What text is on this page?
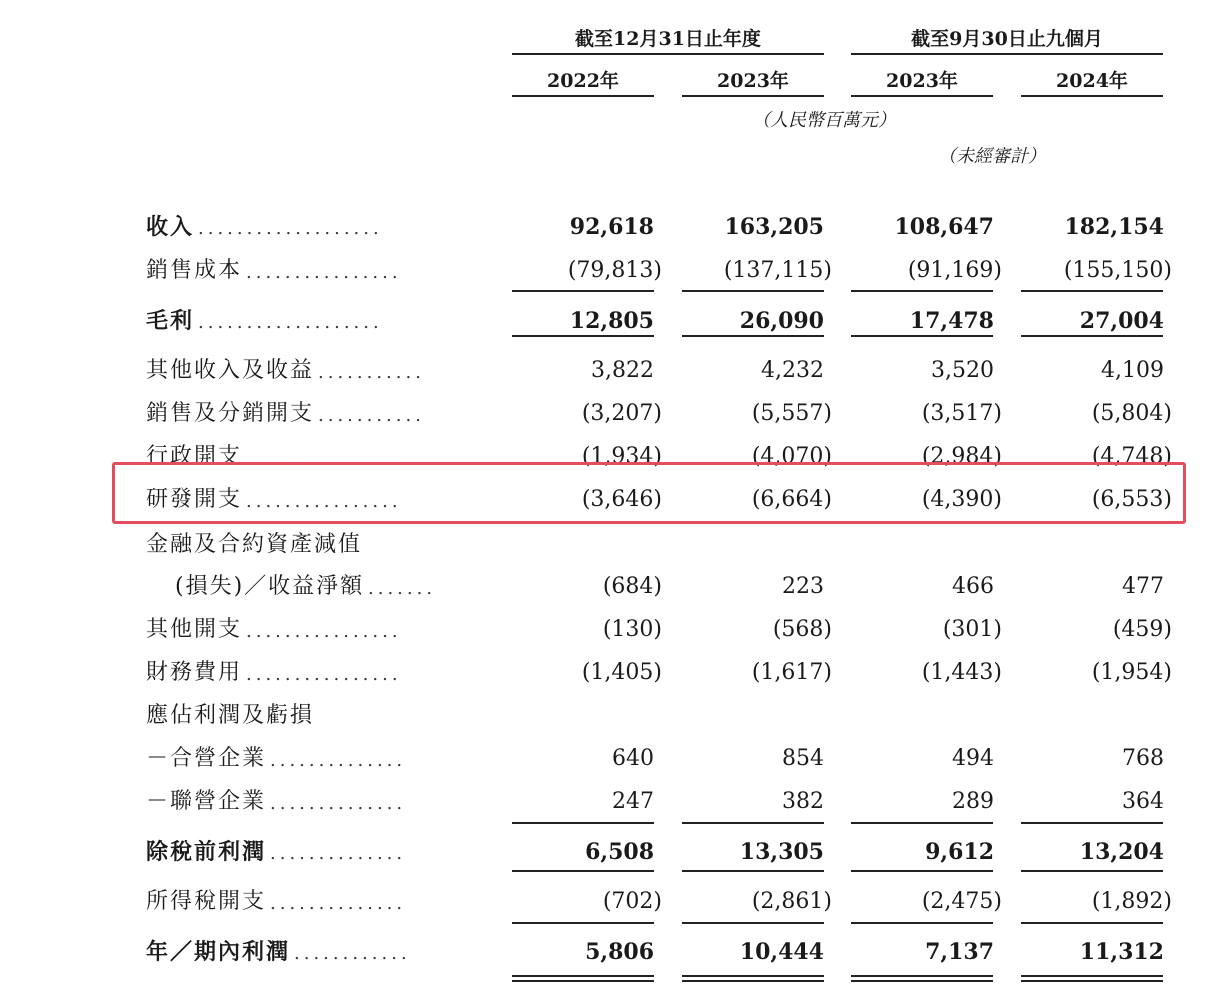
截至12月31日止年度	截至9月30日止九個月
2022年	2023年	2023年	2024年
（人民幣百萬元）
（未經審計）
收入 ...................	92,618	163,205	108,647	182,154
銷售成本 ................	(79,813)	(137,115)	(91,169)	(155,150)
毛利 ...................	12,805	26,090	17,478	27,004
其他收入及收益 ...........	3,822	4,232	3,520	4,109
銷售及分銷開支 ...........	(3,207)	(5,557)	(3,517)	(5,804)
行政開支 ................	(1,934)	(4,070)	(2,984)	(4,748)
研發開支 ................	(3,646)	(6,664)	(4,390)	(6,553)
金融及合約資產減值
(損失)／收益淨額 .......	(684)	223	466	477
其他開支 ................	(130)	(568)	(301)	(459)
財務費用 ................	(1,405)	(1,617)	(1,443)	(1,954)
應佔利潤及虧損
－合營企業 ..............	640	854	494	768
－聯營企業 ..............	247	382	289	364
除稅前利潤 ..............	6,508	13,305	9,612	13,204
所得稅開支 ..............	(702)	(2,861)	(2,475)	(1,892)
年／期內利潤 ............	5,806	10,444	7,137	11,312
